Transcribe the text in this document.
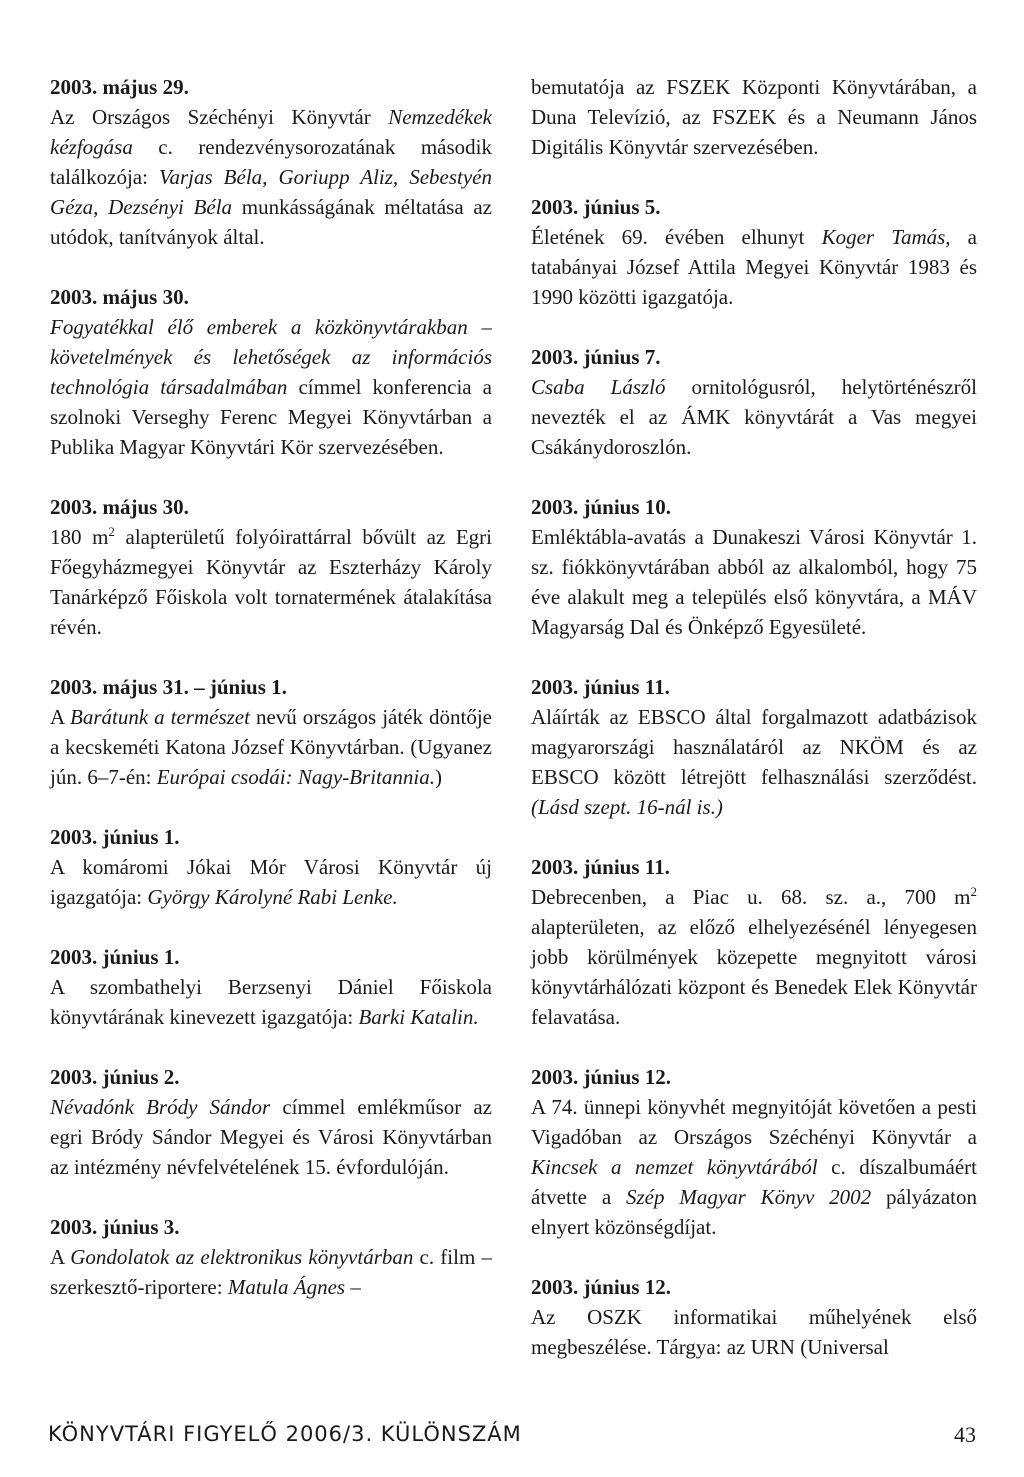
2003. május 29.
Az Országos Széchényi Könyvtár Nemzedékek kézfogása c. rendezvénysorozatának második találkozója: Varjas Béla, Goriupp Aliz, Sebestyén Géza, Dezsényi Béla munkásságának méltatása az utódok, tanítványok által.
2003. május 30.
Fogyatékkal élő emberek a közkönyvtárakban – követelmények és lehetőségek az információs technológia társadalmában címmel konferencia a szolnoki Verseghy Ferenc Megyei Könyvtárban a Publika Magyar Könyvtári Kör szervezésében.
2003. május 30.
180 $m^2$ alapterületű folyóirattárral bővült az Egri Főegyházmegyei Könyvtár az Eszterházy Károly Tanárképző Főiskola volt tornatermének átalakítása révén.
2003. május 31. – június 1.
A Barátunk a természet nevű országos játék döntője a kecskeméti Katona József Könyvtárban. (Ugyanez jún. 6–7-én: Európai csodái: Nagy-Britannia.)
2003. június 1.
A komáromi Jókai Mór Városi Könyvtár új igazgatója: György Károlyné Rabi Lenke.
2003. június 1.
A szombathelyi Berzsenyi Dániel Főiskola könyvtárának kinevezett igazgatója: Barki Katalin.
2003. június 2.
Névadónk Bródy Sándor címmel emlékműsor az egri Bródy Sándor Megyei és Városi Könyvtárban az intézmény névfelvételének 15. évfordulóján.
2003. június 3.
A Gondolatok az elektronikus könyvtárban c. film – szerkesztő-riportere: Matula Ágnes –
bemutatója az FSZEK Központi Könyvtárában, a Duna Televízió, az FSZEK és a Neumann János Digitális Könyvtár szervezésében.
2003. június 5.
Életének 69. évében elhunyt Koger Tamás, a tatabányai József Attila Megyei Könyvtár 1983 és 1990 közötti igazgatója.
2003. június 7.
Csaba László ornitológusról, helytörténészről nevezték el az ÁMK könyvtárát a Vas megyei Csákánydoroszlón.
2003. június 10.
Emléktábla-avatás a Dunakeszi Városi Könyvtár 1. sz. fiókkönyvtárában abból az alkalomból, hogy 75 éve alakult meg a település első könyvtára, a MÁV Magyarság Dal és Önképző Egyesületé.
2003. június 11.
Aláírták az EBSCO által forgalmazott adatbázisok magyarországi használatáról az NKÖM és az EBSCO között létrejött felhasználási szerződést. (Lásd szept. 16-nál is.)
2003. június 11.
Debrecenben, a Piac u. 68. sz. a., 700 $m^2$ alapterületen, az előző elhelyezésénél lényegesen jobb körülmények közepette megnyitott városi könyvtárhálózati központ és Benedek Elek Könyvtár felavatása.
2003. június 12.
A 74. ünnepi könyvhét megnyitóját követően a pesti Vigadóban az Országos Széchényi Könyvtár a Kincsek a nemzet könyvtárából c. díszalbumáért átvette a Szép Magyar Könyv 2002 pályázaton elnyert közönségdíjat.
2003. június 12.
Az OSZK informatikai műhelyének első megbeszélése. Tárgya: az URN (Universal
KÖNYVTÁRI FIGYELŐ 2006/3. KÜLÖNSZÁM	43
